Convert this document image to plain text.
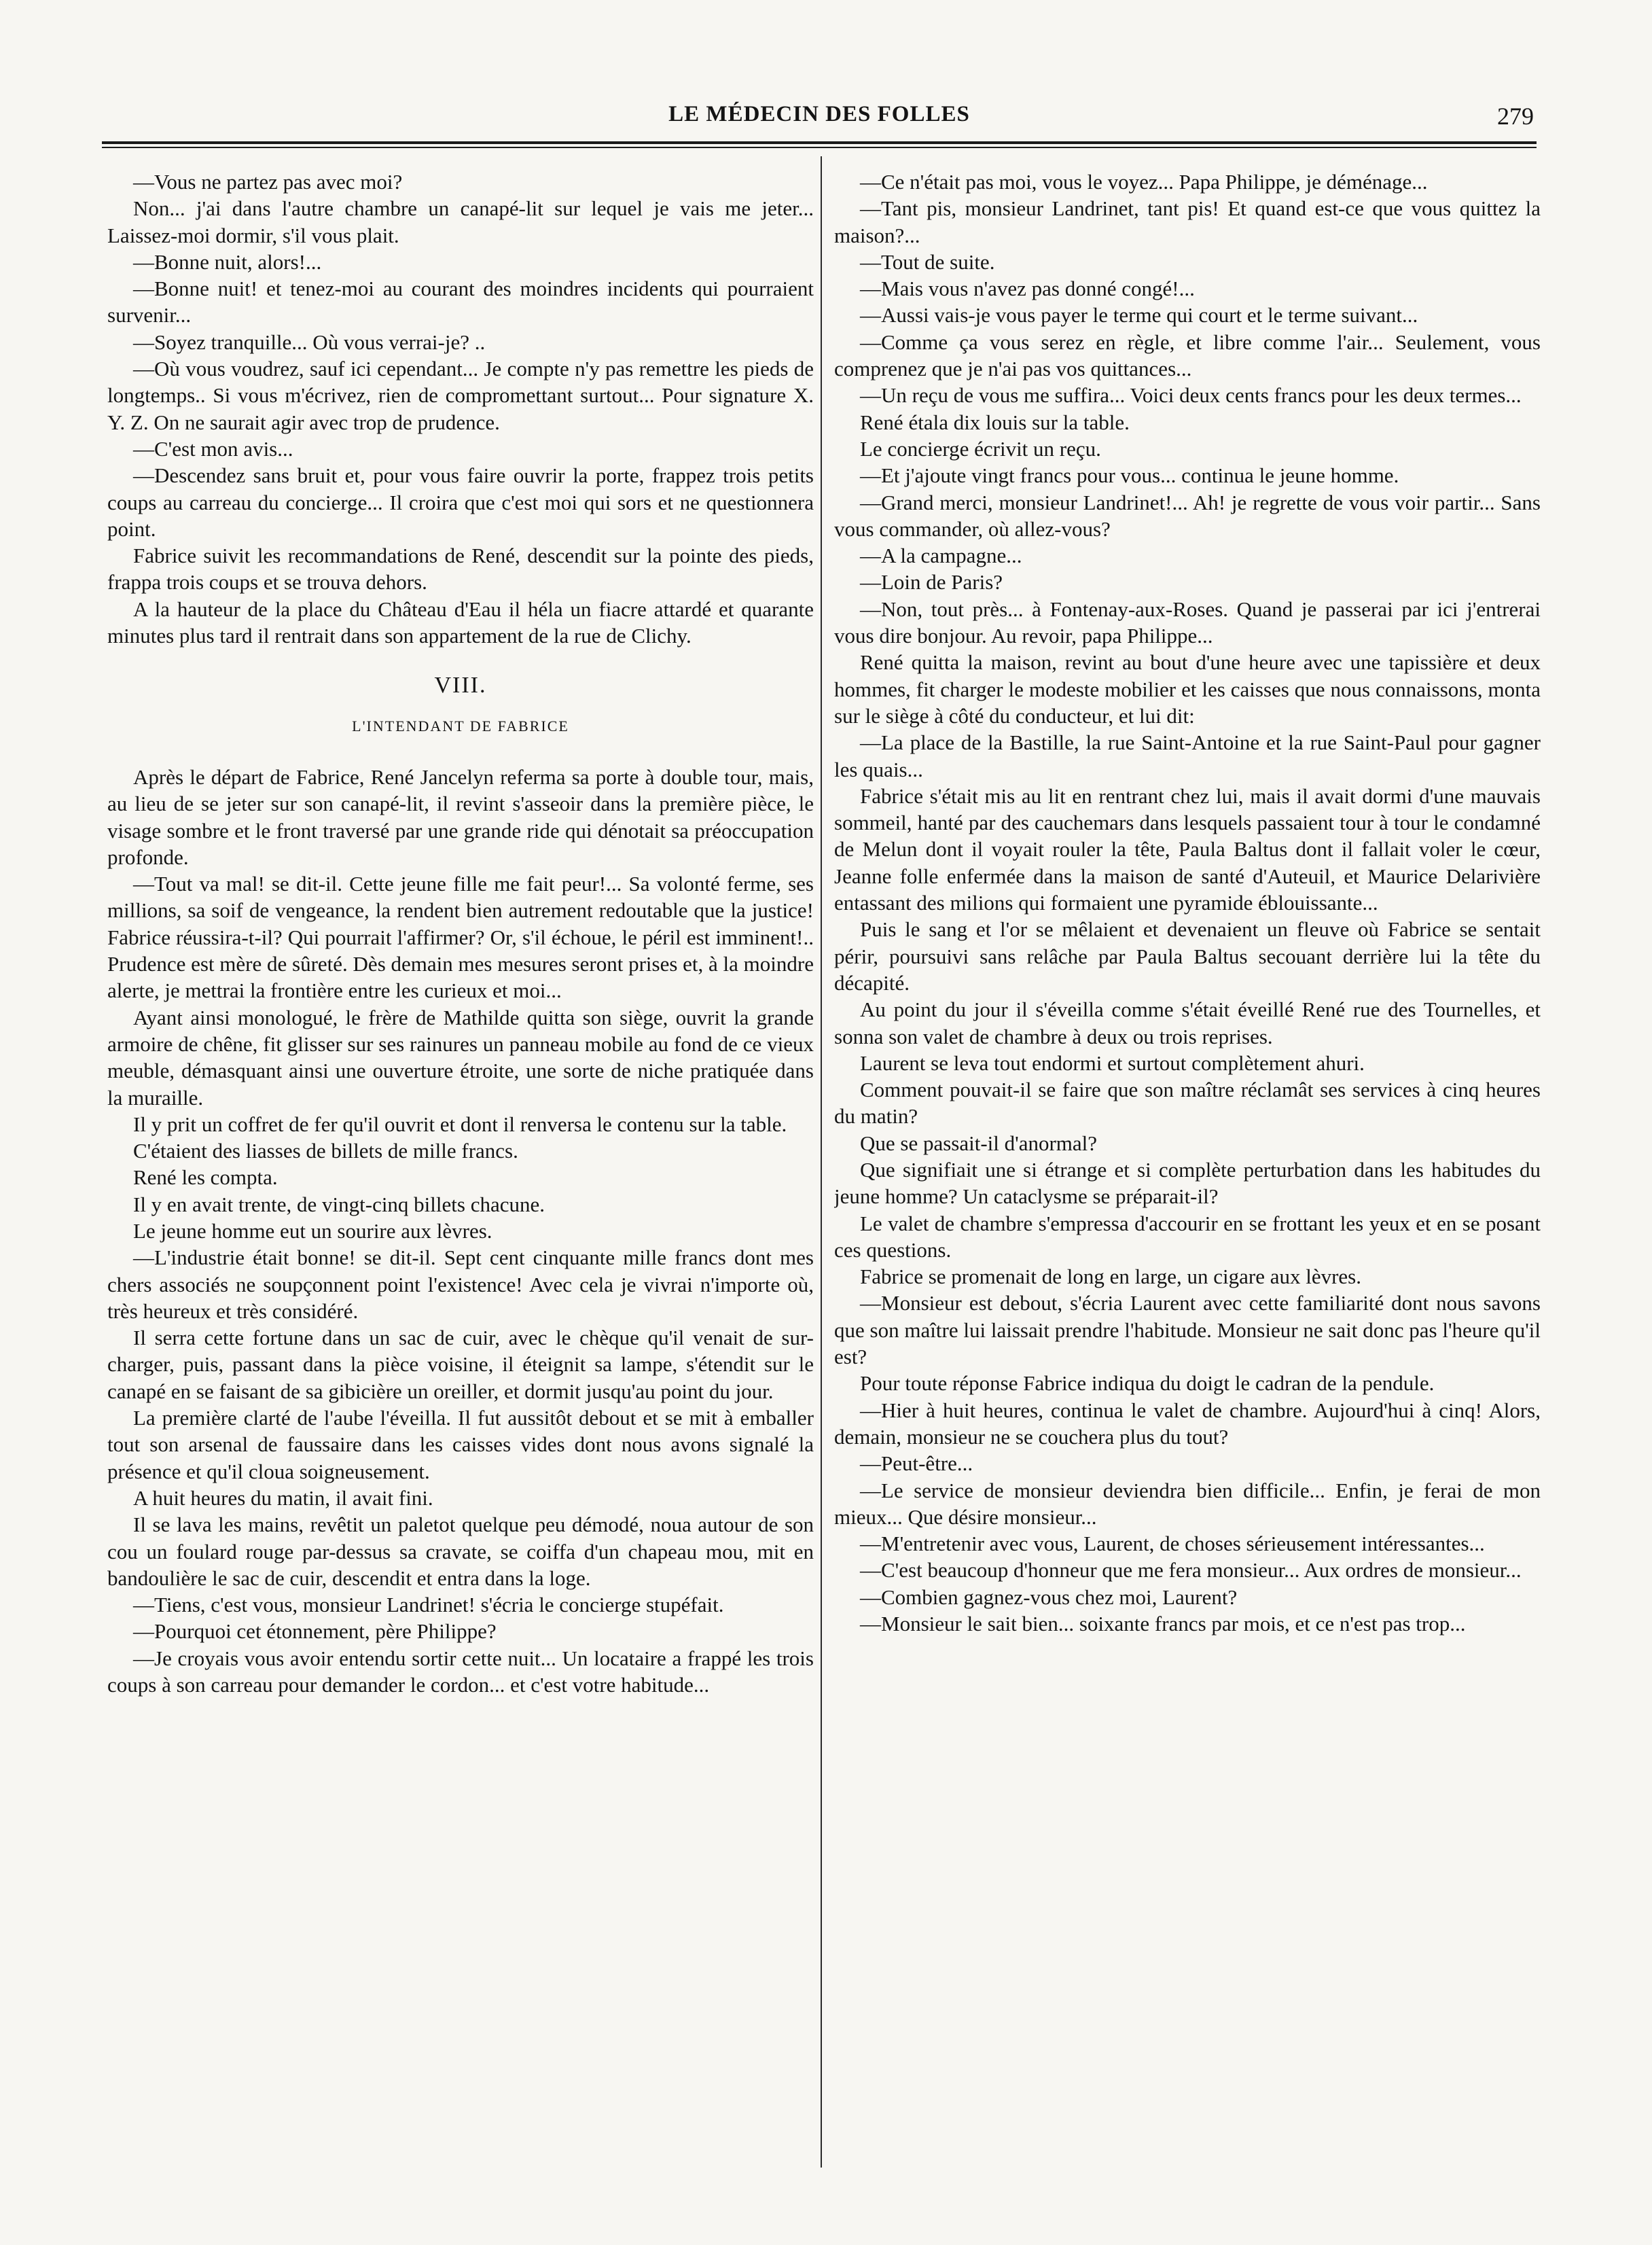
LE MÉDECIN DES FOLLES	279

—Vous ne partez pas avec moi?

Non... j'ai dans l'autre chambre un canapé-lit sur lequel je vais me jeter... Laissez-moi dormir, s'il vous plait.

—Bonne nuit, alors!...

—Bonne nuit! et tenez-moi au courant des moindres incidents qui pourraient survenir...

—Soyez tranquille... Où vous verrai-je? ..

—Où vous voudrez, sauf ici cependant... Je compte n'y pas remettre les pieds de longtemps.. Si vous m'écrivez, rien de compromettant surtout... Pour signature X. Y. Z. On ne saurait agir avec trop de prudence.

—C'est mon avis...

—Descendez sans bruit et, pour vous faire ouvrir la porte, frappez trois petits coups au carreau du concierge... Il croira que c'est moi qui sors et ne questionnera point.

Fabrice suivit les recommandations de René, descendit sur la pointe des pieds, frappa trois coups et se trouva dehors.

A la hauteur de la place du Château d'Eau il héla un fiacre attardé et quarante minutes plus tard il rentrait dans son appartement de la rue de Clichy.

VIII.
L'INTENDANT DE FABRICE

Après le départ de Fabrice, René Jancelyn referma sa porte à double tour, mais, au lieu de se jeter sur son canapé-lit, il revint s'asseoir dans la première pièce, le visage sombre et le front traversé par une grande ride qui dénotait sa préoccupation profonde.

—Tout va mal! se dit-il. Cette jeune fille me fait peur!... Sa volonté ferme, ses millions, sa soif de vengeance, la rendent bien autrement redoutable que la justice! Fabrice réussira-t-il? Qui pourrait l'affirmer? Or, s'il échoue, le péril est imminent!.. Prudence est mère de sûreté. Dès demain mes mesures seront prises et, à la moindre alerte, je mettrai la frontière entre les curieux et moi...

Ayant ainsi monologué, le frère de Mathilde quitta son siège, ouvrit la grande armoire de chêne, fit glisser sur ses rainures un panneau mobile au fond de ce vieux meuble, démasquant ainsi une ouverture étroite, une sorte de niche pratiquée dans la muraille.

Il y prit un coffret de fer qu'il ouvrit et dont il renversa le contenu sur la table.

C'étaient des liasses de billets de mille francs.

René les compta.

Il y en avait trente, de vingt-cinq billets chacune.

Le jeune homme eut un sourire aux lèvres.

—L'industrie était bonne! se dit-il. Sept cent cinquante mille francs dont mes chers associés ne soupçonnent point l'existence! Avec cela je vivrai n'importe où, très heureux et très considéré.

Il serra cette fortune dans un sac de cuir, avec le chèque qu'il venait de sur-charger, puis, passant dans la pièce voisine, il éteignit sa lampe, s'étendit sur le canapé en se faisant de sa gibicière un oreiller, et dormit jusqu'au point du jour.

La première clarté de l'aube l'éveilla. Il fut aussitôt debout et se mit à emballer tout son arsenal de faussaire dans les caisses vides dont nous avons signalé la présence et qu'il cloua soigneusement.

A huit heures du matin, il avait fini.

Il se lava les mains, revêtit un paletot quelque peu démodé, noua autour de son cou un foulard rouge par-dessus sa cravate, se coiffa d'un chapeau mou, mit en bandoulière le sac de cuir, descendit et entra dans la loge.

—Tiens, c'est vous, monsieur Landrinet! s'écria le concierge stupéfait.

—Pourquoi cet étonnement, père Philippe?

—Je croyais vous avoir entendu sortir cette nuit... Un locataire a frappé les trois coups à son carreau pour demander le cordon... et c'est votre habitude...

—Ce n'était pas moi, vous le voyez... Papa Philippe, je déménage...

—Tant pis, monsieur Landrinet, tant pis! Et quand est-ce que vous quittez la maison?...

—Tout de suite.

—Mais vous n'avez pas donné congé!...

—Aussi vais-je vous payer le terme qui court et le terme suivant...

—Comme ça vous serez en règle, et libre comme l'air... Seulement, vous comprenez que je n'ai pas vos quittances...

—Un reçu de vous me suffira... Voici deux cents francs pour les deux termes...

René étala dix louis sur la table.

Le concierge écrivit un reçu.

—Et j'ajoute vingt francs pour vous... continua le jeune homme.

—Grand merci, monsieur Landrinet!... Ah! je regrette de vous voir partir... Sans vous commander, où allez-vous?

—A la campagne...

—Loin de Paris?

—Non, tout près... à Fontenay-aux-Roses. Quand je passerai par ici j'entrerai vous dire bonjour. Au revoir, papa Philippe...

René quitta la maison, revint au bout d'une heure avec une tapissière et deux hommes, fit charger le modeste mobilier et les caisses que nous connaissons, monta sur le siège à côté du conducteur, et lui dit:

—La place de la Bastille, la rue Saint-Antoine et la rue Saint-Paul pour gagner les quais...

Fabrice s'était mis au lit en rentrant chez lui, mais il avait dormi d'une mauvais sommeil, hanté par des cauchemars dans lesquels passaient tour à tour le condamné de Melun dont il voyait rouler la tête, Paula Baltus dont il fallait voler le cœur, Jeanne folle enfermée dans la maison de santé d'Auteuil, et Maurice Delarivière entassant des milions qui formaient une pyramide éblouissante...

Puis le sang et l'or se mêlaient et devenaient un fleuve où Fabrice se sentait périr, poursuivi sans relâche par Paula Baltus secouant derrière lui la tête du décapité.

Au point du jour il s'éveilla comme s'était éveillé René rue des Tournelles, et sonna son valet de chambre à deux ou trois reprises.

Laurent se leva tout endormi et surtout complètement ahuri.

Comment pouvait-il se faire que son maître réclamât ses services à cinq heures du matin?

Que se passait-il d'anormal?

Que signifiait une si étrange et si complète perturbation dans les habitudes du jeune homme? Un cataclysme se préparait-il?

Le valet de chambre s'empressa d'accourir en se frottant les yeux et en se posant ces questions.

Fabrice se promenait de long en large, un cigare aux lèvres.

—Monsieur est debout, s'écria Laurent avec cette familiarité dont nous savons que son maître lui laissait prendre l'habitude. Monsieur ne sait donc pas l'heure qu'il est?

Pour toute réponse Fabrice indiqua du doigt le cadran de la pendule.

—Hier à huit heures, continua le valet de chambre. Aujourd'hui à cinq! Alors, demain, monsieur ne se couchera plus du tout?

—Peut-être...

—Le service de monsieur deviendra bien difficile... Enfin, je ferai de mon mieux... Que désire monsieur...

—M'entretenir avec vous, Laurent, de choses sérieusement intéressantes...

—C'est beaucoup d'honneur que me fera monsieur... Aux ordres de monsieur...

—Combien gagnez-vous chez moi, Laurent?

—Monsieur le sait bien... soixante francs par mois, et ce n'est pas trop...
